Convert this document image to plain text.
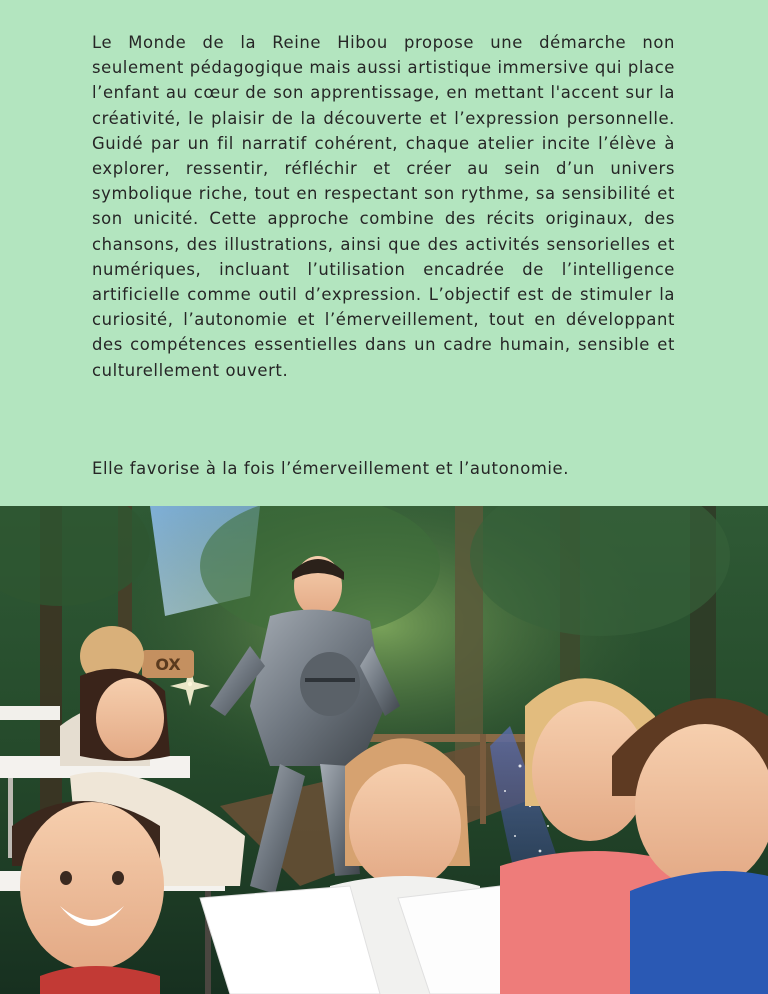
Le Monde de la Reine Hibou propose une démarche non seulement pédagogique mais aussi artistique immersive qui place l’enfant au cœur de son apprentissage, en mettant l'accent sur la créativité, le plaisir de la découverte et l’expression personnelle. Guidé par un fil narratif cohérent, chaque atelier incite l’élève à explorer, ressentir, réfléchir et créer au sein d’un univers symbolique riche, tout en respectant son rythme, sa sensibilité et son unicité. Cette approche combine des récits originaux, des chansons, des illustrations, ainsi que des activités sensorielles et numériques, incluant l’utilisation encadrée de l’intelligence artificielle comme outil d’expression. L’objectif est de stimuler la curiosité, l’autonomie et l’émerveillement, tout en développant des compétences essentielles dans un cadre humain, sensible et culturellement ouvert.

Elle favorise à la fois l’émerveillement et l’autonomie.

OX
